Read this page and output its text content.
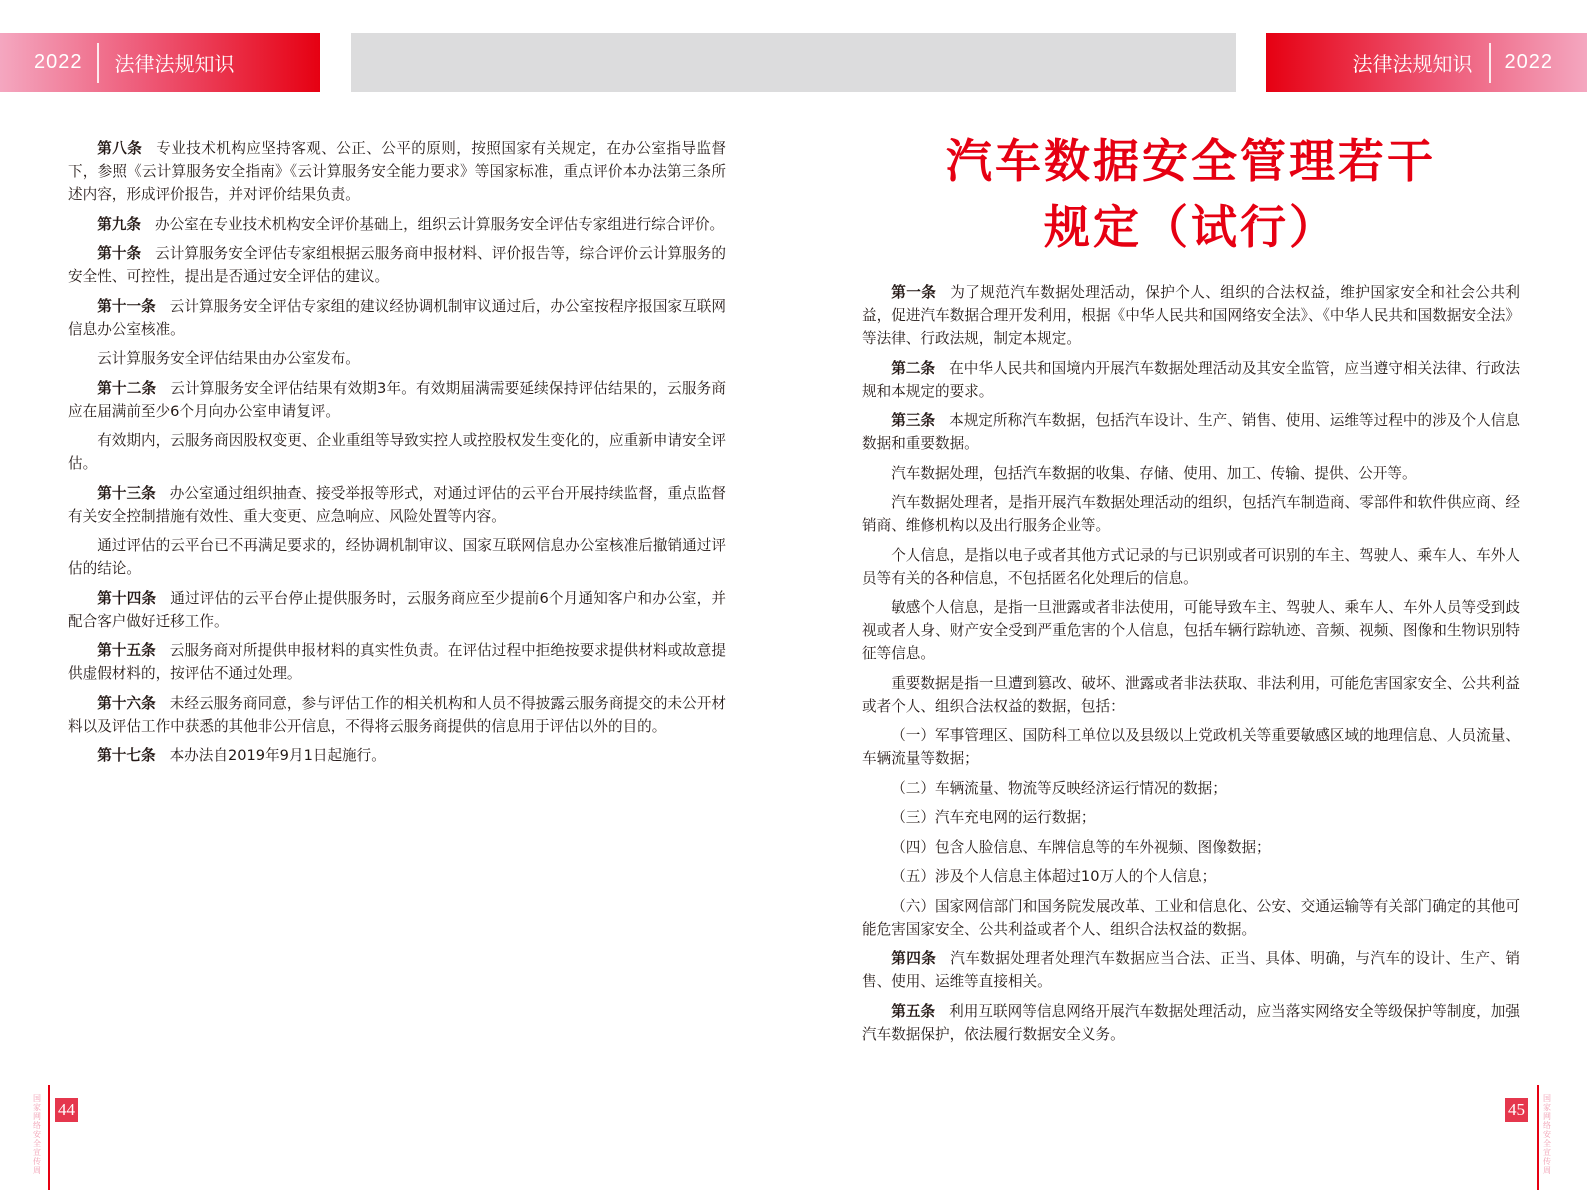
2022	法律法规知识	法律法规知识	2022

第八条 专业技术机构应坚持客观、公正、公平的原则，按照国家有关规定，在办公室指导监督下，参照《云计算服务安全指南》《云计算服务安全能力要求》等国家标准，重点评价本办法第三条所述内容，形成评价报告，并对评价结果负责。

第九条 办公室在专业技术机构安全评价基础上，组织云计算服务安全评估专家组进行综合评价。

第十条 云计算服务安全评估专家组根据云服务商申报材料、评价报告等，综合评价云计算服务的安全性、可控性，提出是否通过安全评估的建议。

第十一条 云计算服务安全评估专家组的建议经协调机制审议通过后，办公室按程序报国家互联网信息办公室核准。

云计算服务安全评估结果由办公室发布。

第十二条 云计算服务安全评估结果有效期3年。有效期届满需要延续保持评估结果的，云服务商应在届满前至少6个月向办公室申请复评。

有效期内，云服务商因股权变更、企业重组等导致实控人或控股权发生变化的，应重新申请安全评估。

第十三条 办公室通过组织抽查、接受举报等形式，对通过评估的云平台开展持续监督，重点监督有关安全控制措施有效性、重大变更、应急响应、风险处置等内容。

通过评估的云平台已不再满足要求的，经协调机制审议、国家互联网信息办公室核准后撤销通过评估的结论。

第十四条 通过评估的云平台停止提供服务时，云服务商应至少提前6个月通知客户和办公室，并配合客户做好迁移工作。

第十五条 云服务商对所提供申报材料的真实性负责。在评估过程中拒绝按要求提供材料或故意提供虚假材料的，按评估不通过处理。

第十六条 未经云服务商同意，参与评估工作的相关机构和人员不得披露云服务商提交的未公开材料以及评估工作中获悉的其他非公开信息，不得将云服务商提供的信息用于评估以外的目的。

第十七条 本办法自2019年9月1日起施行。

汽车数据安全管理若干
规定（试行）

第一条 为了规范汽车数据处理活动，保护个人、组织的合法权益，维护国家安全和社会公共利益，促进汽车数据合理开发利用，根据《中华人民共和国网络安全法》、《中华人民共和国数据安全法》等法律、行政法规，制定本规定。

第二条 在中华人民共和国境内开展汽车数据处理活动及其安全监管，应当遵守相关法律、行政法规和本规定的要求。

第三条 本规定所称汽车数据，包括汽车设计、生产、销售、使用、运维等过程中的涉及个人信息数据和重要数据。

汽车数据处理，包括汽车数据的收集、存储、使用、加工、传输、提供、公开等。

汽车数据处理者，是指开展汽车数据处理活动的组织，包括汽车制造商、零部件和软件供应商、经销商、维修机构以及出行服务企业等。

个人信息，是指以电子或者其他方式记录的与已识别或者可识别的车主、驾驶人、乘车人、车外人员等有关的各种信息，不包括匿名化处理后的信息。

敏感个人信息，是指一旦泄露或者非法使用，可能导致车主、驾驶人、乘车人、车外人员等受到歧视或者人身、财产安全受到严重危害的个人信息，包括车辆行踪轨迹、音频、视频、图像和生物识别特征等信息。

重要数据是指一旦遭到篡改、破坏、泄露或者非法获取、非法利用，可能危害国家安全、公共利益或者个人、组织合法权益的数据，包括：

（一）军事管理区、国防科工单位以及县级以上党政机关等重要敏感区域的地理信息、人员流量、车辆流量等数据；

（二）车辆流量、物流等反映经济运行情况的数据；

（三）汽车充电网的运行数据；

（四）包含人脸信息、车牌信息等的车外视频、图像数据；

（五）涉及个人信息主体超过10万人的个人信息；

（六）国家网信部门和国务院发展改革、工业和信息化、公安、交通运输等有关部门确定的其他可能危害国家安全、公共利益或者个人、组织合法权益的数据。

第四条 汽车数据处理者处理汽车数据应当合法、正当、具体、明确，与汽车的设计、生产、销售、使用、运维等直接相关。

第五条 利用互联网等信息网络开展汽车数据处理活动，应当落实网络安全等级保护等制度，加强汽车数据保护，依法履行数据安全义务。

国家网络安全宣传周
44	45
国家网络安全宣传周
